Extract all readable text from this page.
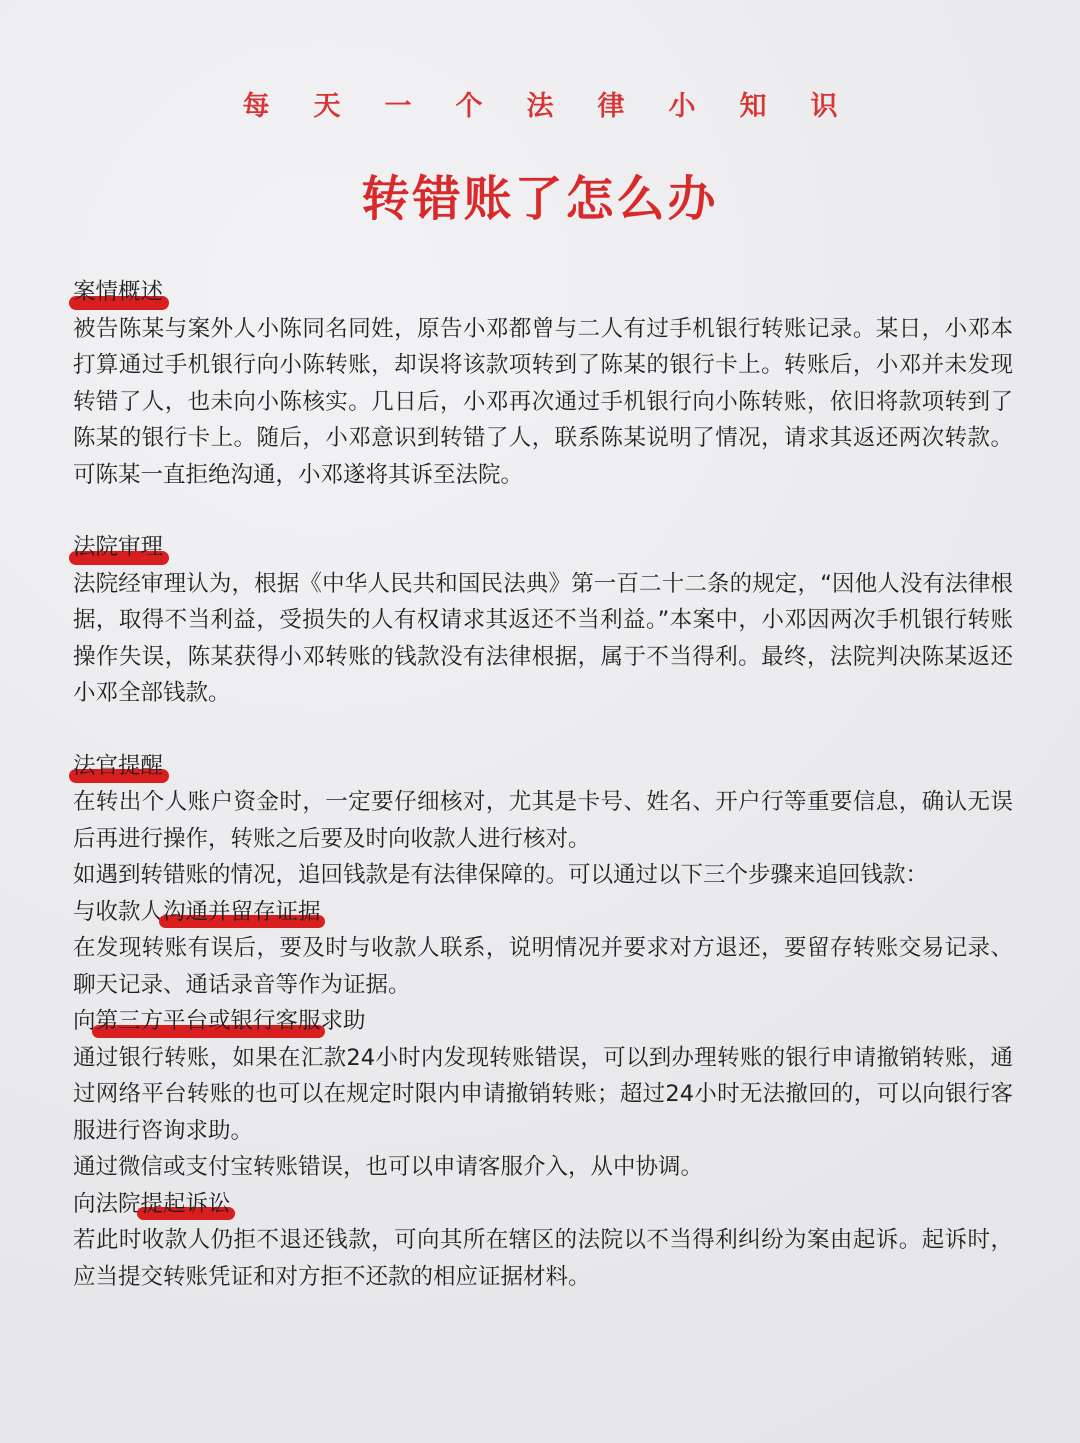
每天一个法律小知识
转错账了怎么办
案情概述

被告陈某与案外人小陈同名同姓，原告小邓都曾与二人有过手机银行转账记录。某日，小邓本打算通过手机银行向小陈转账，却误将该款项转到了陈某的银行卡上。转账后，小邓并未发现转错了人，也未向小陈核实。几日后，小邓再次通过手机银行向小陈转账，依旧将款项转到了陈某的银行卡上。随后，小邓意识到转错了人，联系陈某说明了情况，请求其返还两次转款。可陈某一直拒绝沟通，小邓遂将其诉至法院。

法院审理

法院经审理认为，根据《中华人民共和国民法典》第一百二十二条的规定，“因他人没有法律根据，取得不当利益，受损失的人有权请求其返还不当利益。”本案中，小邓因两次手机银行转账操作失误，陈某获得小邓转账的钱款没有法律根据，属于不当得利。最终，法院判决陈某返还小邓全部钱款。

法官提醒

在转出个人账户资金时，一定要仔细核对，尤其是卡号、姓名、开户行等重要信息，确认无误后再进行操作，转账之后要及时向收款人进行核对。

如遇到转错账的情况，追回钱款是有法律保障的。可以通过以下三个步骤来追回钱款：

与收款人沟通并留存证据

在发现转账有误后，要及时与收款人联系，说明情况并要求对方退还，要留存转账交易记录、聊天记录、通话录音等作为证据。

向第三方平台或银行客服求助

通过银行转账，如果在汇款24小时内发现转账错误，可以到办理转账的银行申请撤销转账，通过网络平台转账的也可以在规定时限内申请撤销转账；超过24小时无法撤回的，可以向银行客服进行咨询求助。

通过微信或支付宝转账错误，也可以申请客服介入，从中协调。

向法院提起诉讼

若此时收款人仍拒不退还钱款，可向其所在辖区的法院以不当得利纠纷为案由起诉。起诉时，应当提交转账凭证和对方拒不还款的相应证据材料。
